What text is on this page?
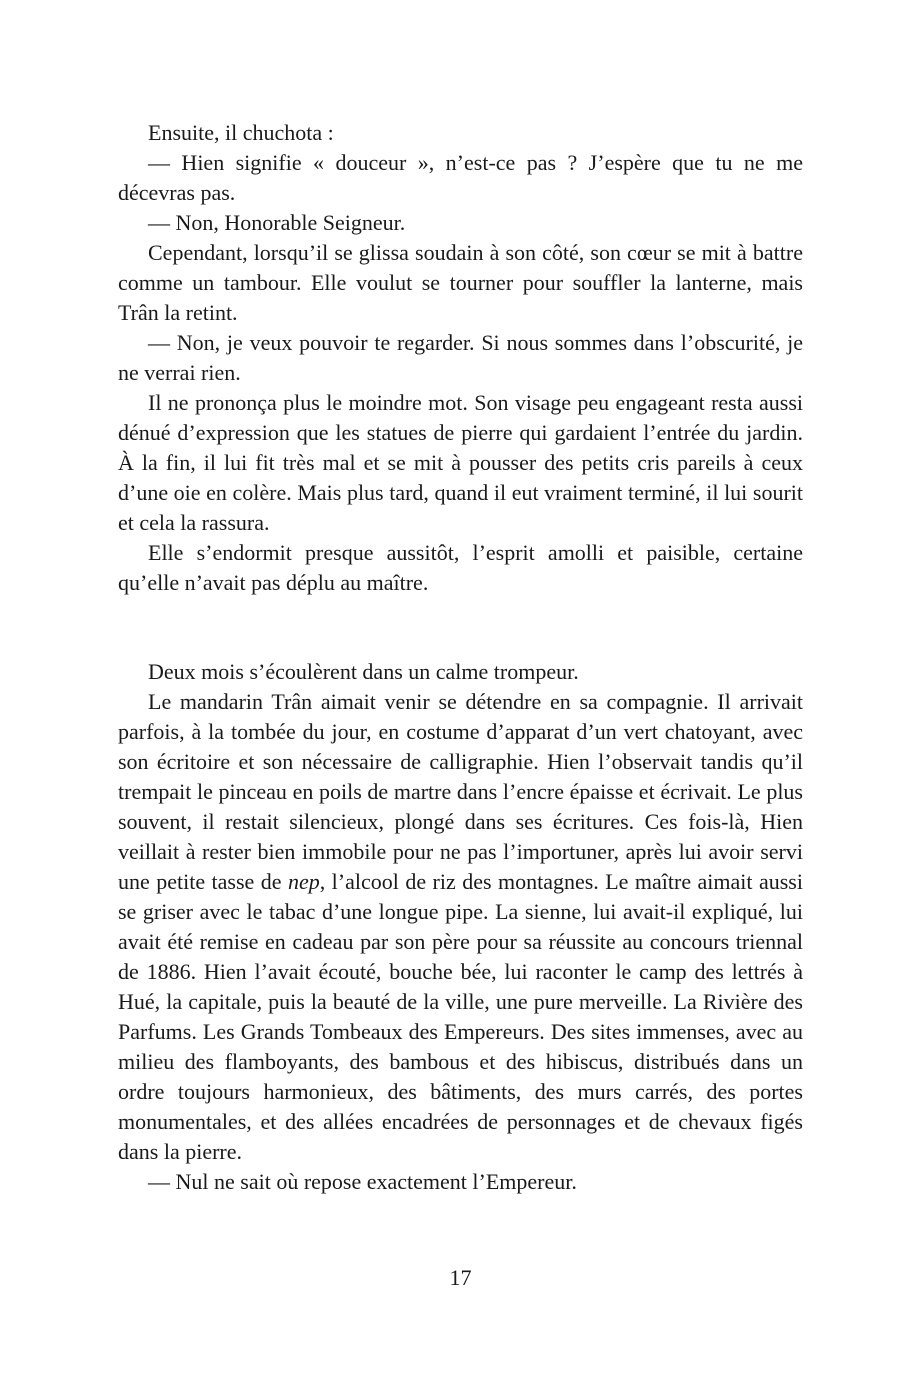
Ensuite, il chuchota :

— Hien signifie « douceur », n’est-ce pas ? J’espère que tu ne me décevras pas.

— Non, Honorable Seigneur.

Cependant, lorsqu’il se glissa soudain à son côté, son cœur se mit à battre comme un tambour. Elle voulut se tourner pour souffler la lanterne, mais Trân la retint.

— Non, je veux pouvoir te regarder. Si nous sommes dans l’obscurité, je ne verrai rien.

Il ne prononça plus le moindre mot. Son visage peu engageant resta aussi dénué d’expression que les statues de pierre qui gardaient l’entrée du jardin. À la fin, il lui fit très mal et se mit à pousser des petits cris pareils à ceux d’une oie en colère. Mais plus tard, quand il eut vraiment terminé, il lui sourit et cela la rassura.

Elle s’endormit presque aussitôt, l’esprit amolli et paisible, certaine qu’elle n’avait pas déplu au maître.

Deux mois s’écoulèrent dans un calme trompeur.

Le mandarin Trân aimait venir se détendre en sa compagnie. Il arrivait parfois, à la tombée du jour, en costume d’apparat d’un vert chatoyant, avec son écritoire et son nécessaire de calligraphie. Hien l’observait tandis qu’il trempait le pinceau en poils de martre dans l’encre épaisse et écrivait. Le plus souvent, il restait silencieux, plongé dans ses écritures. Ces fois-là, Hien veillait à rester bien immobile pour ne pas l’importuner, après lui avoir servi une petite tasse de nep, l’alcool de riz des montagnes. Le maître aimait aussi se griser avec le tabac d’une longue pipe. La sienne, lui avait-il expliqué, lui avait été remise en cadeau par son père pour sa réussite au concours triennal de 1886. Hien l’avait écouté, bouche bée, lui raconter le camp des lettrés à Hué, la capitale, puis la beauté de la ville, une pure merveille. La Rivière des Parfums. Les Grands Tombeaux des Empereurs. Des sites immenses, avec au milieu des flamboyants, des bambous et des hibiscus, distribués dans un ordre toujours harmonieux, des bâtiments, des murs carrés, des portes monumentales, et des allées encadrées de personnages et de chevaux figés dans la pierre.

— Nul ne sait où repose exactement l’Empereur.

17
